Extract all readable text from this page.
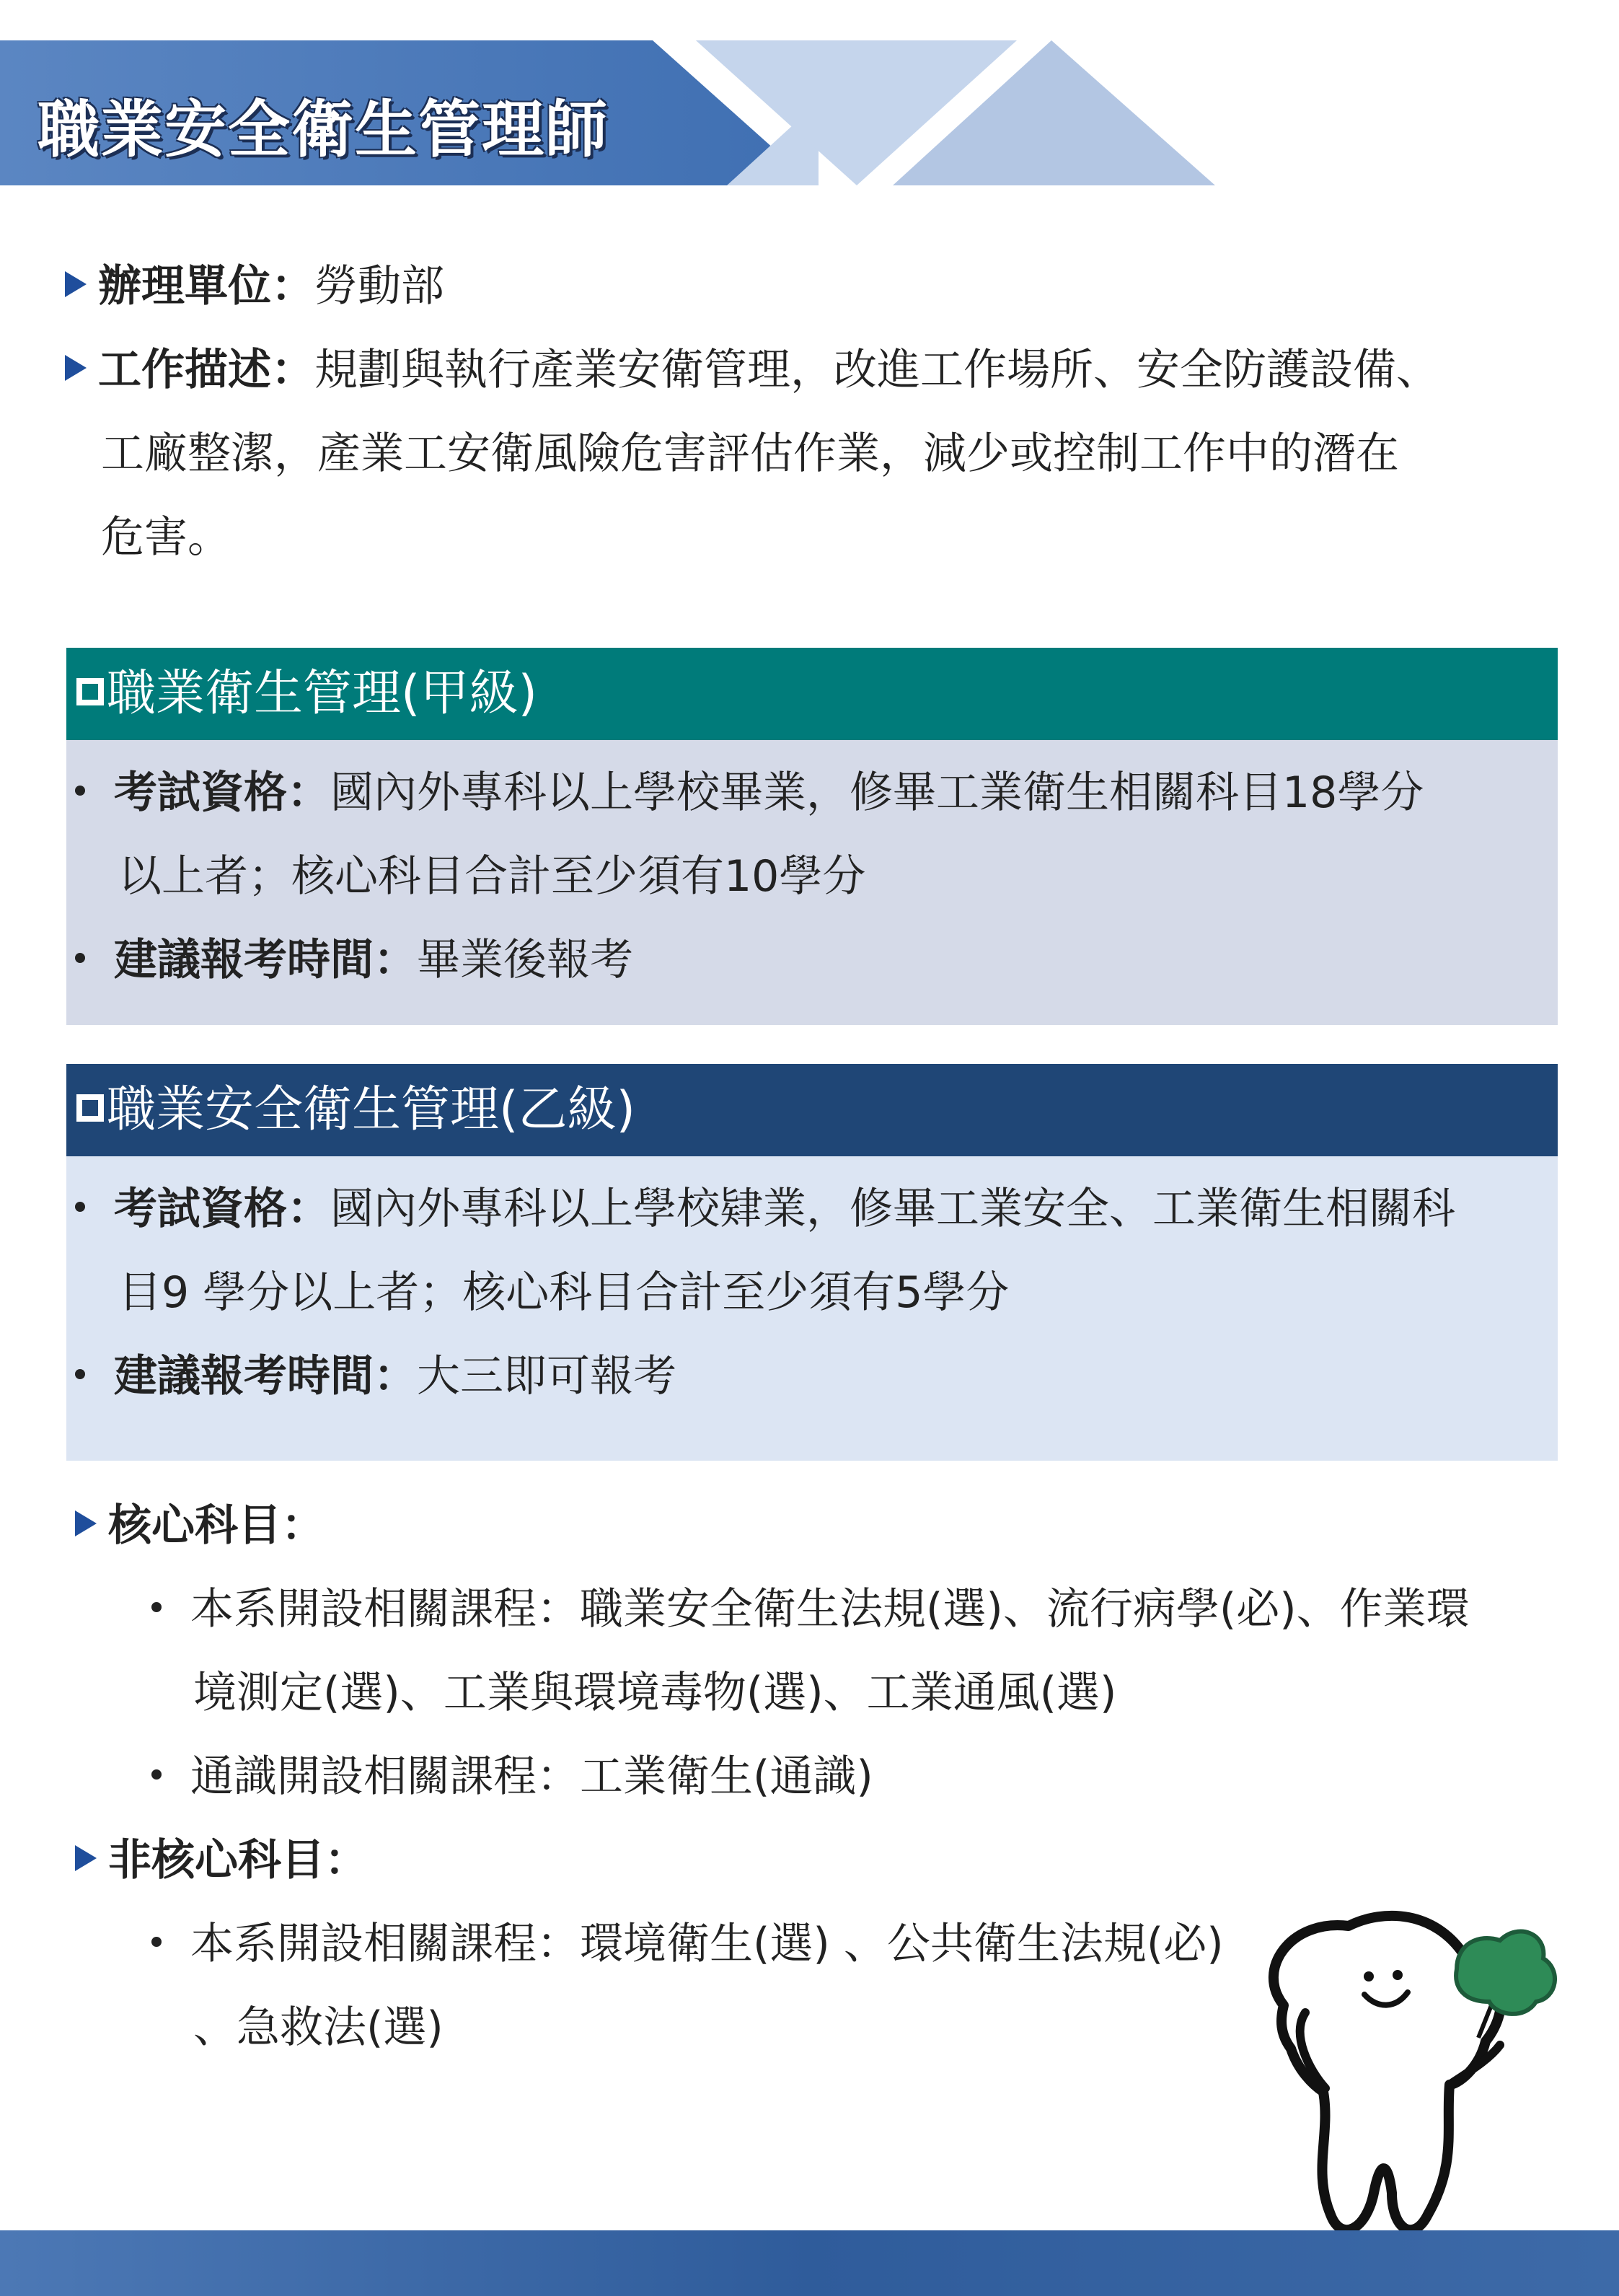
職業安全衛生管理師
辦理單位：勞動部
工作描述：規劃與執行產業安衛管理，改進工作場所、安全防護設備、
工廠整潔，產業工安衛風險危害評估作業，減少或控制工作中的潛在
危害。
職業衛生管理(甲級)
考試資格：國內外專科以上學校畢業，修畢工業衛生相關科目18學分
以上者；核心科目合計至少須有10學分
建議報考時間：畢業後報考
職業安全衛生管理(乙級)
考試資格：國內外專科以上學校肄業，修畢工業安全、工業衛生相關科
目9 學分以上者；核心科目合計至少須有5學分
建議報考時間：大三即可報考
核心科目：
本系開設相關課程：職業安全衛生法規(選)、流行病學(必)、作業環
境測定(選)、工業與環境毒物(選)、工業通風(選)
通識開設相關課程：工業衛生(通識)
非核心科目：
本系開設相關課程：環境衛生(選) 、公共衛生法規(必)
、急救法(選)
